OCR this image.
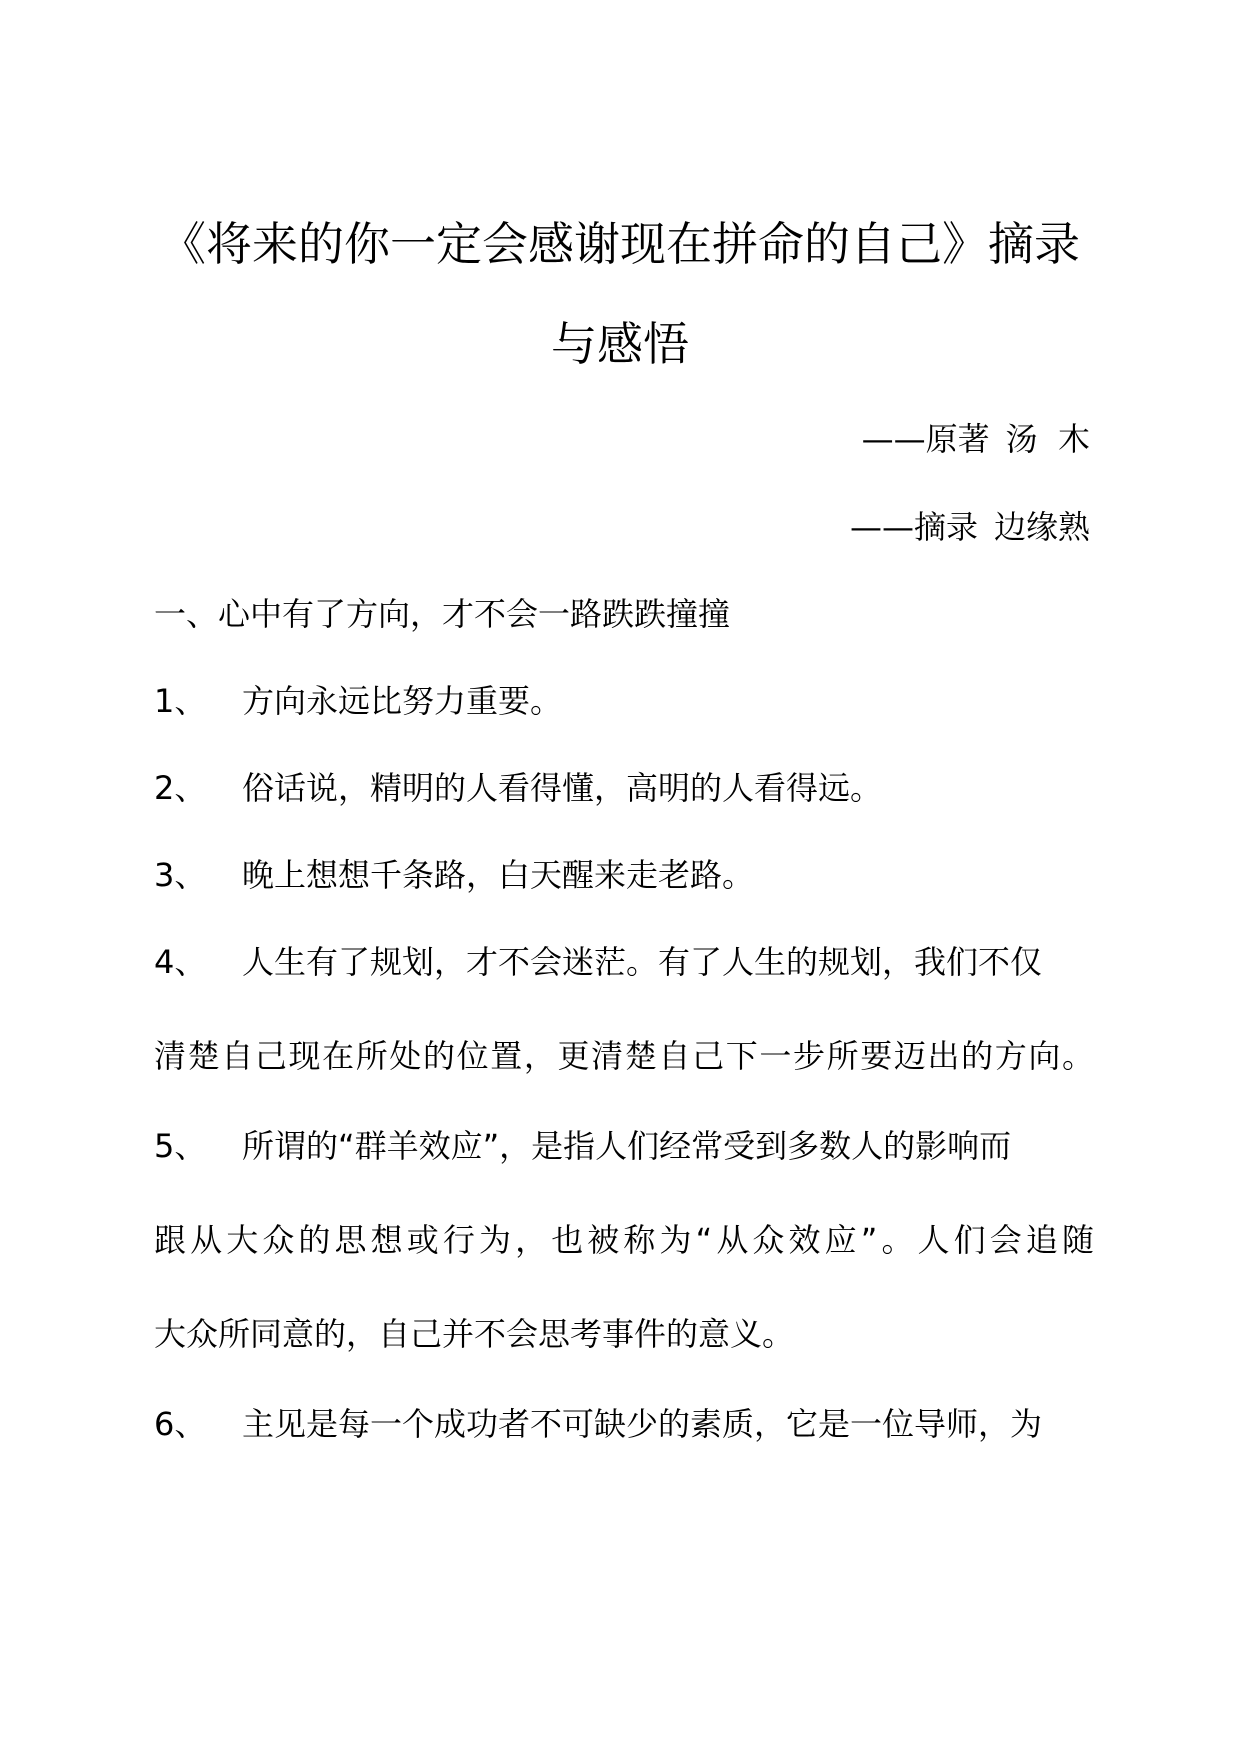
《将来的你一定会感谢现在拼命的自己》摘录
与感悟
——原著 汤  木
——摘录 边缘熟
一、心中有了方向，才不会一路跌跌撞撞
1、 方向永远比努力重要。
2、 俗话说，精明的人看得懂，高明的人看得远。
3、 晚上想想千条路，白天醒来走老路。
4、 人生有了规划，才不会迷茫。有了人生的规划，我们不仅
清楚自己现在所处的位置，更清楚自己下一步所要迈出的方向。
5、 所谓的“群羊效应”，是指人们经常受到多数人的影响而
跟从大众的思想或行为，也被称为“从众效应”。人们会追随
大众所同意的，自己并不会思考事件的意义。
6、 主见是每一个成功者不可缺少的素质，它是一位导师，为
